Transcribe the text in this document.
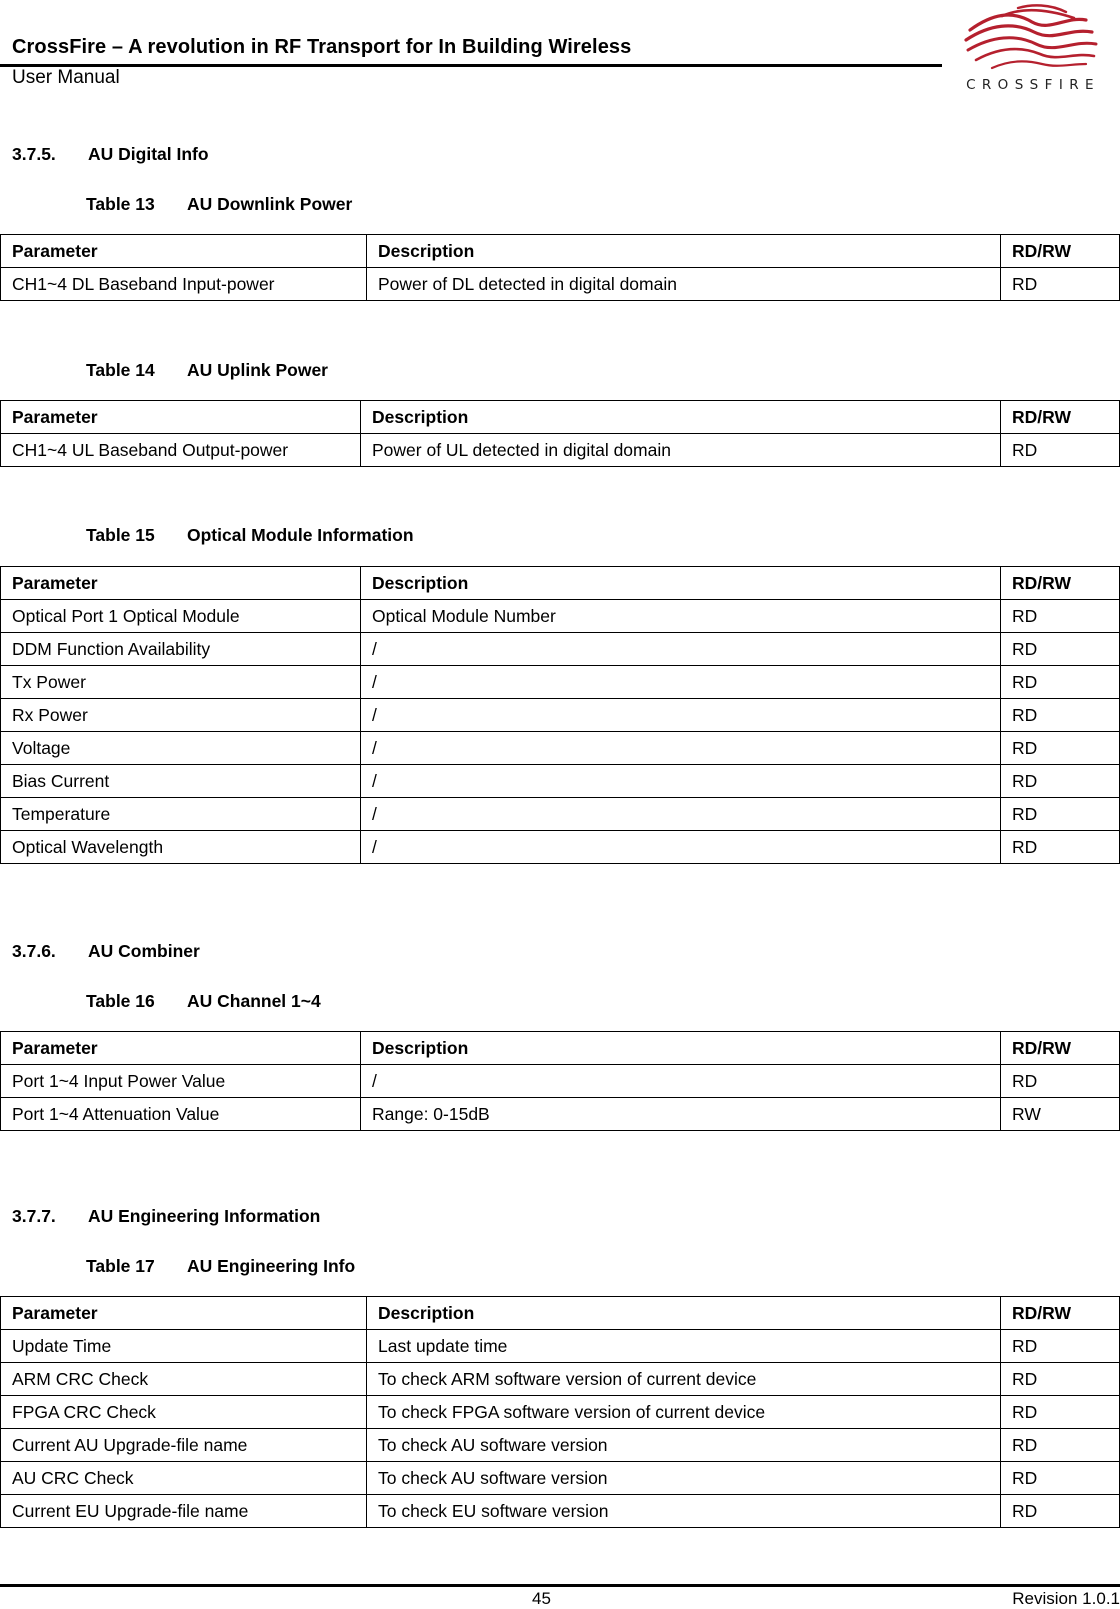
CrossFire – A revolution in RF Transport for In Building Wireless
User Manual	CROSSFIRE
3.7.5. AU Digital Info
Table 13 AU Downlink Power
Parameter	Description	RD/RW
CH1~4 DL Baseband Input-power	Power of DL detected in digital domain	RD
Table 14 AU Uplink Power
Parameter	Description	RD/RW
CH1~4 UL Baseband Output-power	Power of UL detected in digital domain	RD
Table 15 Optical Module Information
Parameter	Description	RD/RW
Optical Port 1 Optical Module	Optical Module Number	RD
DDM Function Availability	/	RD
Tx Power	/	RD
Rx Power	/	RD
Voltage	/	RD
Bias Current	/	RD
Temperature	/	RD
Optical Wavelength	/	RD
3.7.6. AU Combiner
Table 16 AU Channel 1~4
Parameter	Description	RD/RW
Port 1~4 Input Power Value	/	RD
Port 1~4 Attenuation Value	Range: 0-15dB	RW
3.7.7. AU Engineering Information
Table 17 AU Engineering Info
Parameter	Description	RD/RW
Update Time	Last update time	RD
ARM CRC Check	To check ARM software version of current device	RD
FPGA CRC Check	To check FPGA software version of current device	RD
Current AU Upgrade-file name	To check AU software version	RD
AU CRC Check	To check AU software version	RD
Current EU Upgrade-file name	To check EU software version	RD
45	Revision 1.0.1
